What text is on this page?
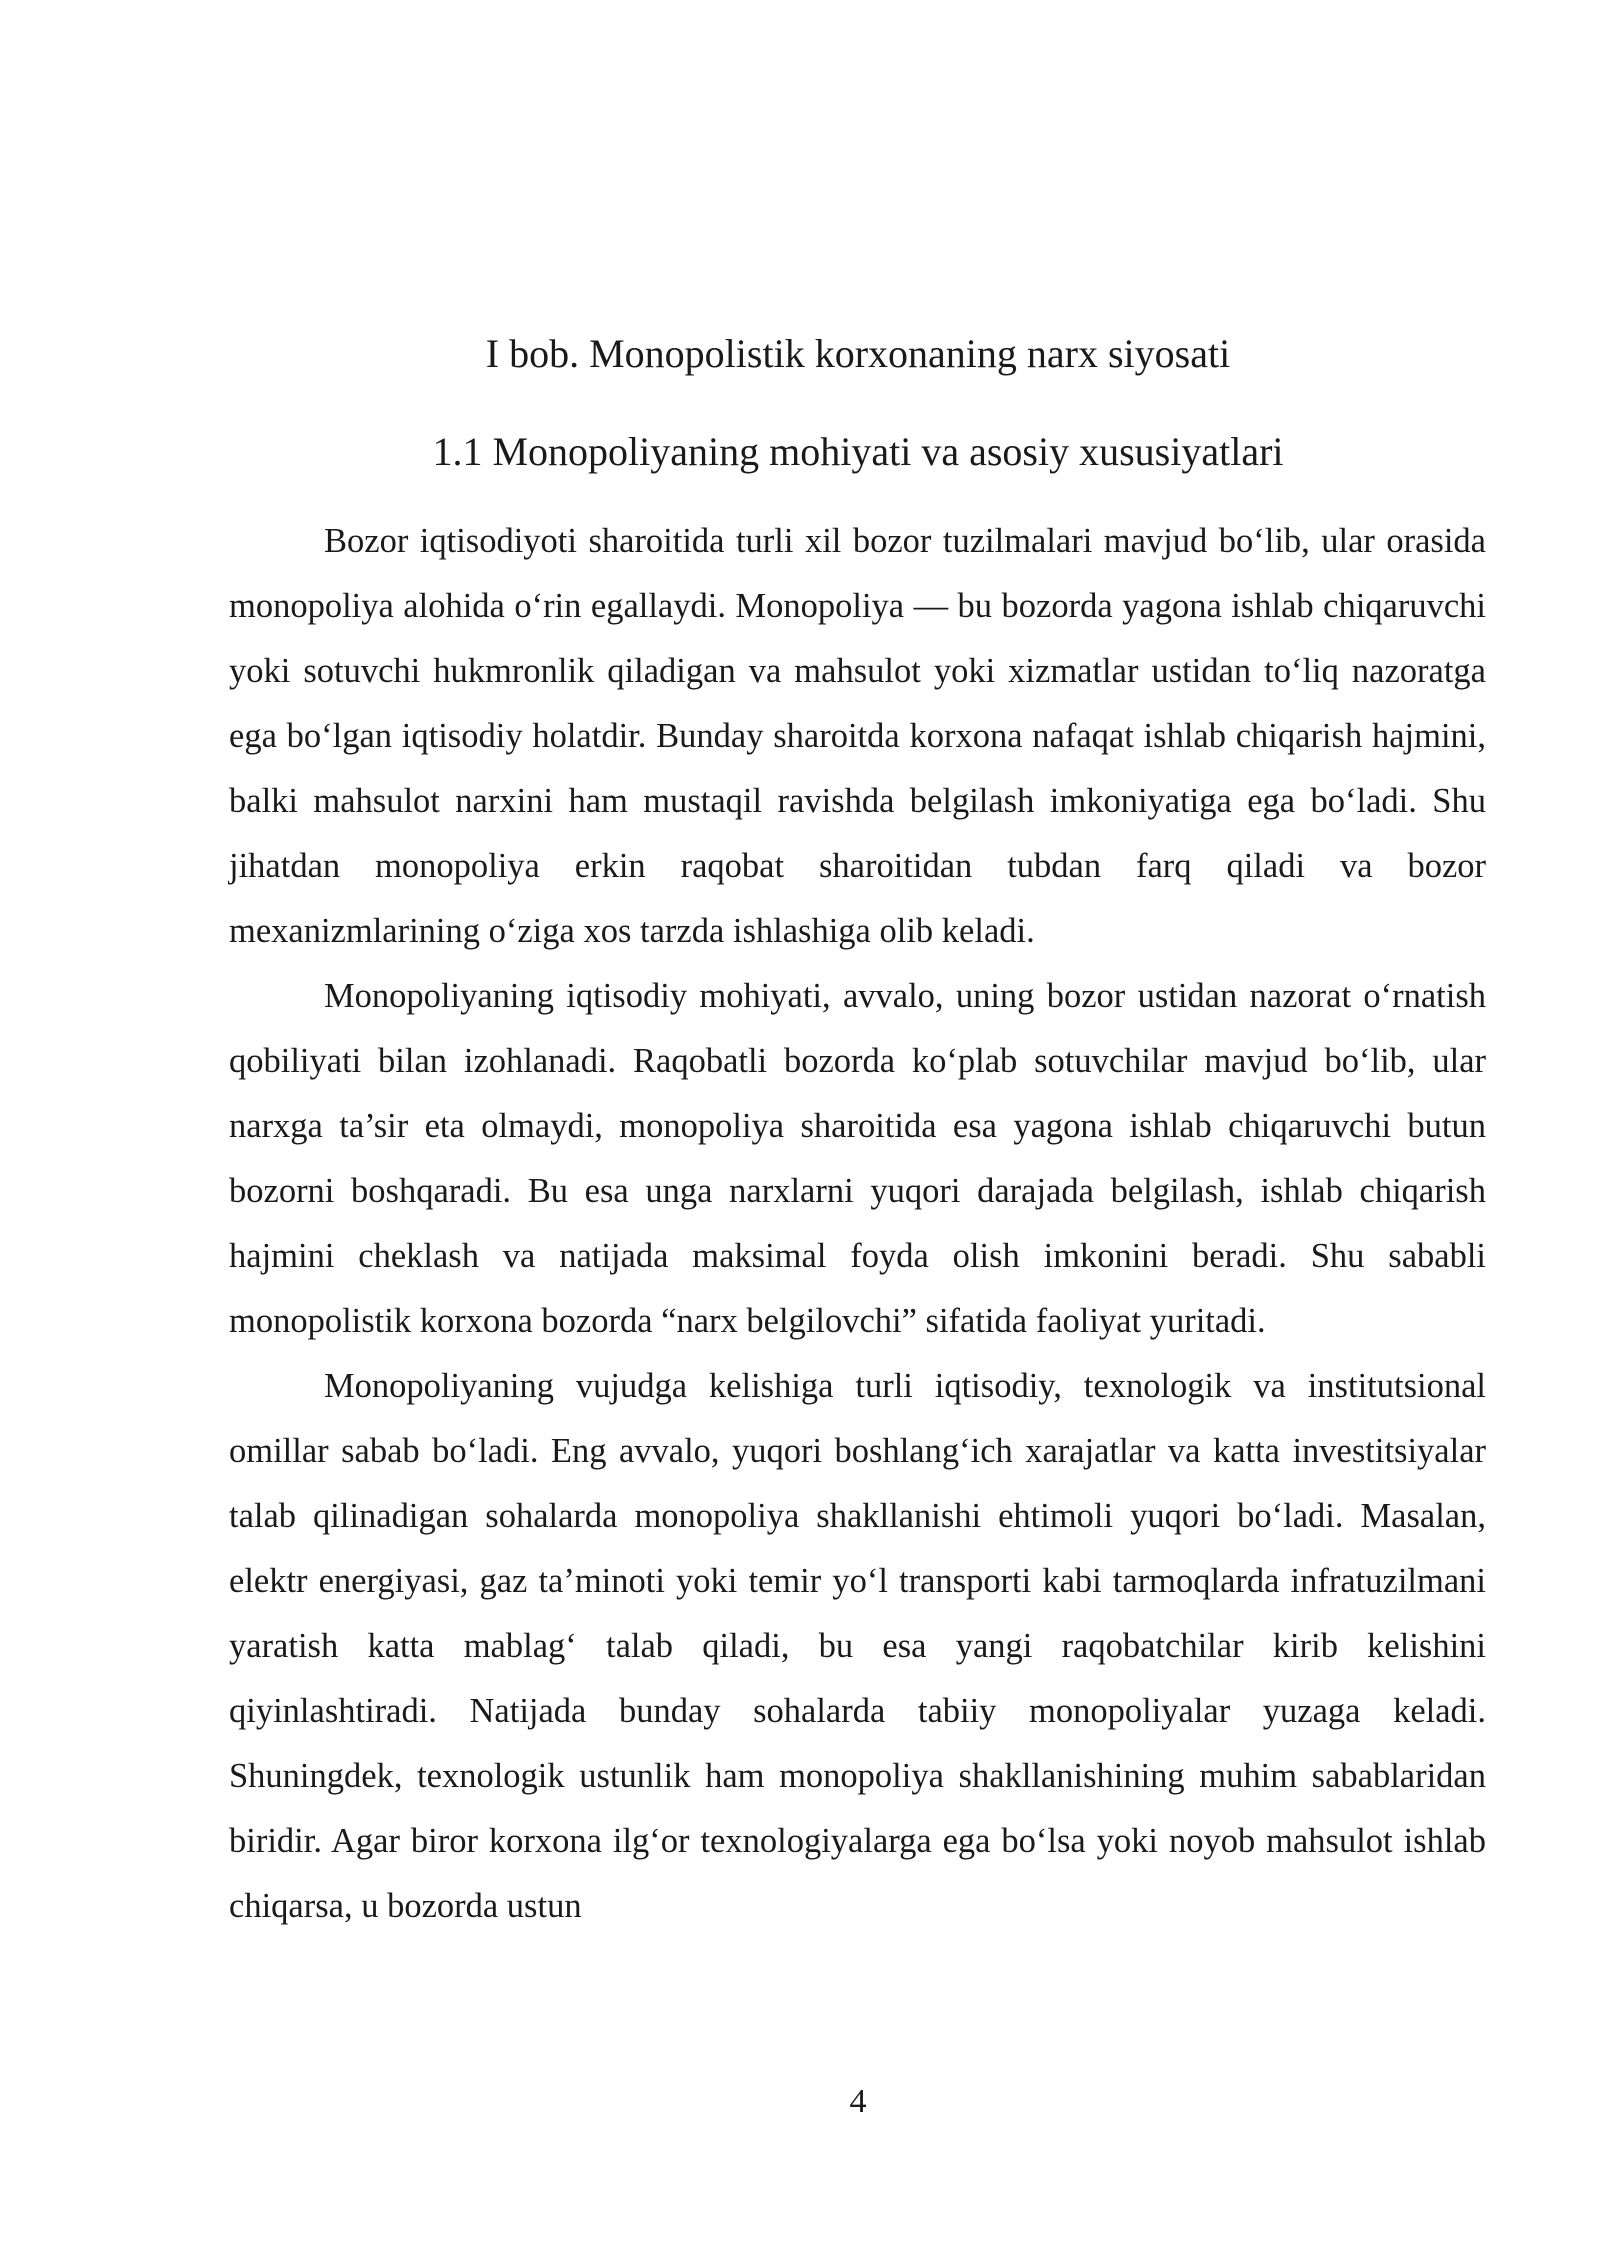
I bob. Monopolistik korxonaning narx siyosati
1.1 Monopoliyaning mohiyati va asosiy xususiyatlari

Bozor iqtisodiyoti sharoitida turli xil bozor tuzilmalari mavjud bo‘lib, ular orasida monopoliya alohida o‘rin egallaydi. Monopoliya — bu bozorda yagona ishlab chiqaruvchi yoki sotuvchi hukmronlik qiladigan va mahsulot yoki xizmatlar ustidan to‘liq nazoratga ega bo‘lgan iqtisodiy holatdir. Bunday sharoitda korxona nafaqat ishlab chiqarish hajmini, balki mahsulot narxini ham mustaqil ravishda belgilash imkoniyatiga ega bo‘ladi. Shu jihatdan monopoliya erkin raqobat sharoitidan tubdan farq qiladi va bozor mexanizmlarining o‘ziga xos tarzda ishlashiga olib keladi.

Monopoliyaning iqtisodiy mohiyati, avvalo, uning bozor ustidan nazorat o‘rnatish qobiliyati bilan izohlanadi. Raqobatli bozorda ko‘plab sotuvchilar mavjud bo‘lib, ular narxga ta’sir eta olmaydi, monopoliya sharoitida esa yagona ishlab chiqaruvchi butun bozorni boshqaradi. Bu esa unga narxlarni yuqori darajada belgilash, ishlab chiqarish hajmini cheklash va natijada maksimal foyda olish imkonini beradi. Shu sababli monopolistik korxona bozorda “narx belgilovchi” sifatida faoliyat yuritadi.

Monopoliyaning vujudga kelishiga turli iqtisodiy, texnologik va institutsional omillar sabab bo‘ladi. Eng avvalo, yuqori boshlang‘ich xarajatlar va katta investitsiyalar talab qilinadigan sohalarda monopoliya shakllanishi ehtimoli yuqori bo‘ladi. Masalan, elektr energiyasi, gaz ta’minoti yoki temir yo‘l transporti kabi tarmoqlarda infratuzilmani yaratish katta mablag‘ talab qiladi, bu esa yangi raqobatchilar kirib kelishini qiyinlashtiradi. Natijada bunday sohalarda tabiiy monopoliyalar yuzaga keladi. Shuningdek, texnologik ustunlik ham monopoliya shakllanishining muhim sabablaridan biridir. Agar biror korxona ilg‘or texnologiyalarga ega bo‘lsa yoki noyob mahsulot ishlab chiqarsa, u bozorda ustun

4
